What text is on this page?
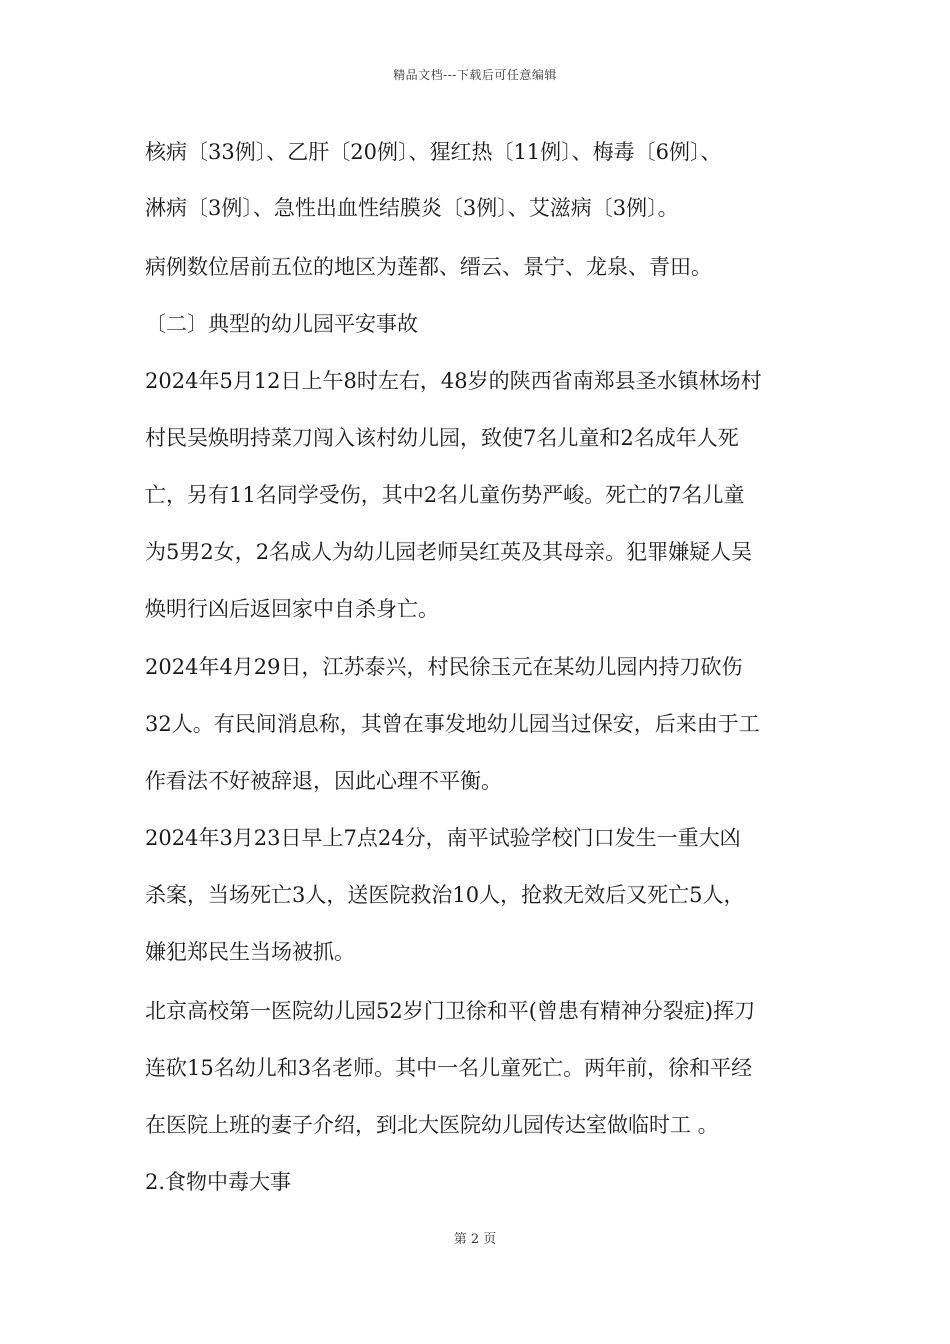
精品文档---下载后可任意编辑
核病〔33例〕、乙肝〔20例〕、猩红热〔11例〕、梅毒〔6例〕、
淋病〔3例〕、急性出血性结膜炎〔3例〕、艾滋病〔3例〕。
病例数位居前五位的地区为莲都、缙云、景宁、龙泉、青田。
〔二〕典型的幼儿园平安事故
2024年5月12日上午8时左右，48岁的陕西省南郑县圣水镇林场村
村民吴焕明持菜刀闯入该村幼儿园，致使7名儿童和2名成年人死
亡，另有11名同学受伤，其中2名儿童伤势严峻。死亡的7名儿童
为5男2女，2名成人为幼儿园老师吴红英及其母亲。犯罪嫌疑人吴
焕明行凶后返回家中自杀身亡。
2024年4月29日，江苏泰兴，村民徐玉元在某幼儿园内持刀砍伤
32人。有民间消息称，其曾在事发地幼儿园当过保安，后来由于工
作看法不好被辞退，因此心理不平衡。
2024年3月23日早上7点24分，南平试验学校门口发生一重大凶
杀案，当场死亡3人，送医院救治10人，抢救无效后又死亡5人，
嫌犯郑民生当场被抓。
北京高校第一医院幼儿园52岁门卫徐和平(曾患有精神分裂症)挥刀
连砍15名幼儿和3名老师。其中一名儿童死亡。两年前，徐和平经
在医院上班的妻子介绍，到北大医院幼儿园传达室做临时工 。
2.食物中毒大事
第 2 页
